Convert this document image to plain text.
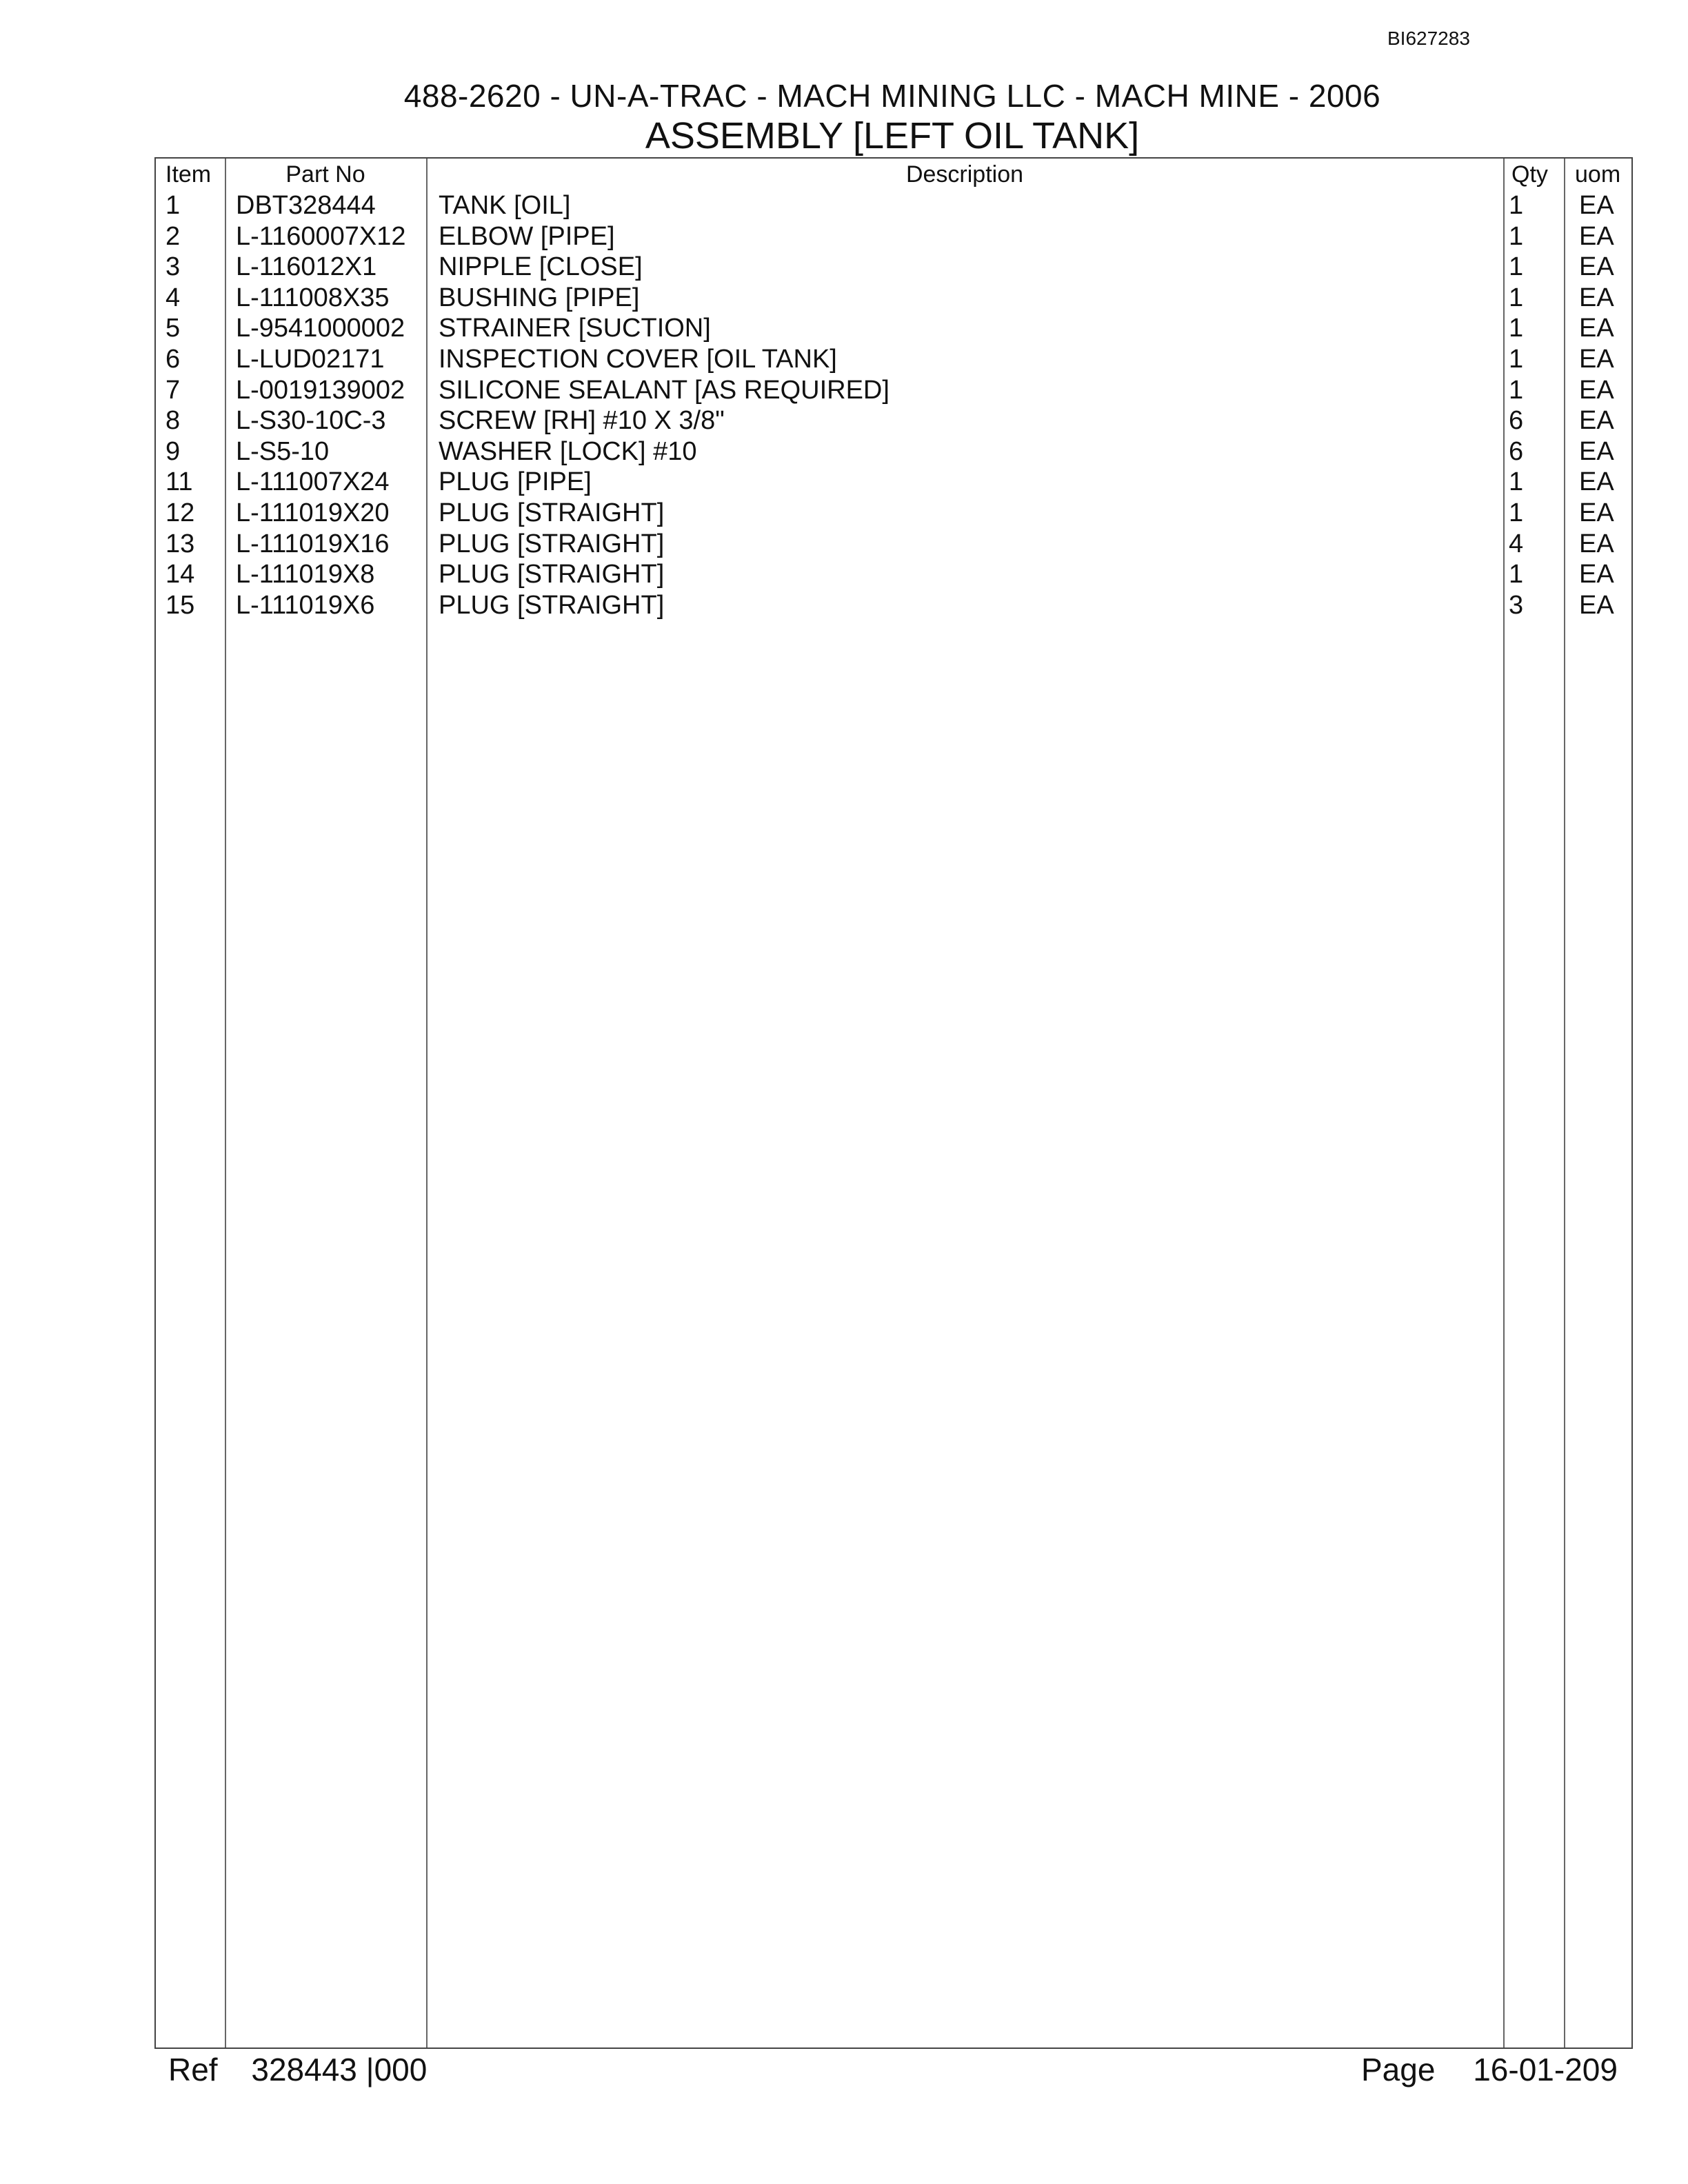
BI627283
488-2620 - UN-A-TRAC - MACH MINING LLC - MACH MINE - 2006
ASSEMBLY [LEFT OIL TANK]
Item	Part No	Description	Qty uom
1 DBT328444 TANK [OIL]	1 EA
2 L-1160007X12 ELBOW [PIPE]	1 EA
3 L-116012X1 NIPPLE [CLOSE]	1 EA
4 L-111008X35 BUSHING [PIPE]	1 EA
5 L-9541000002 STRAINER [SUCTION]	1 EA
6 L-LUD02171 INSPECTION COVER [OIL TANK]	1 EA
7 L-0019139002 SILICONE SEALANT [AS REQUIRED]	1 EA
8 L-S30-10C-3 SCREW [RH] #10 X 3/8"	6 EA
9 L-S5-10	WASHER [LOCK] #10	6 EA
11 L-111007X24 PLUG [PIPE]	1 EA
12 L-111019X20 PLUG [STRAIGHT]	1 EA
13 L-111019X16 PLUG [STRAIGHT]	4 EA
14 L-111019X8 PLUG [STRAIGHT]	1 EA
15 L-111019X6 PLUG [STRAIGHT]	3 EA
Ref 328443 |000	Page 16-01-209
